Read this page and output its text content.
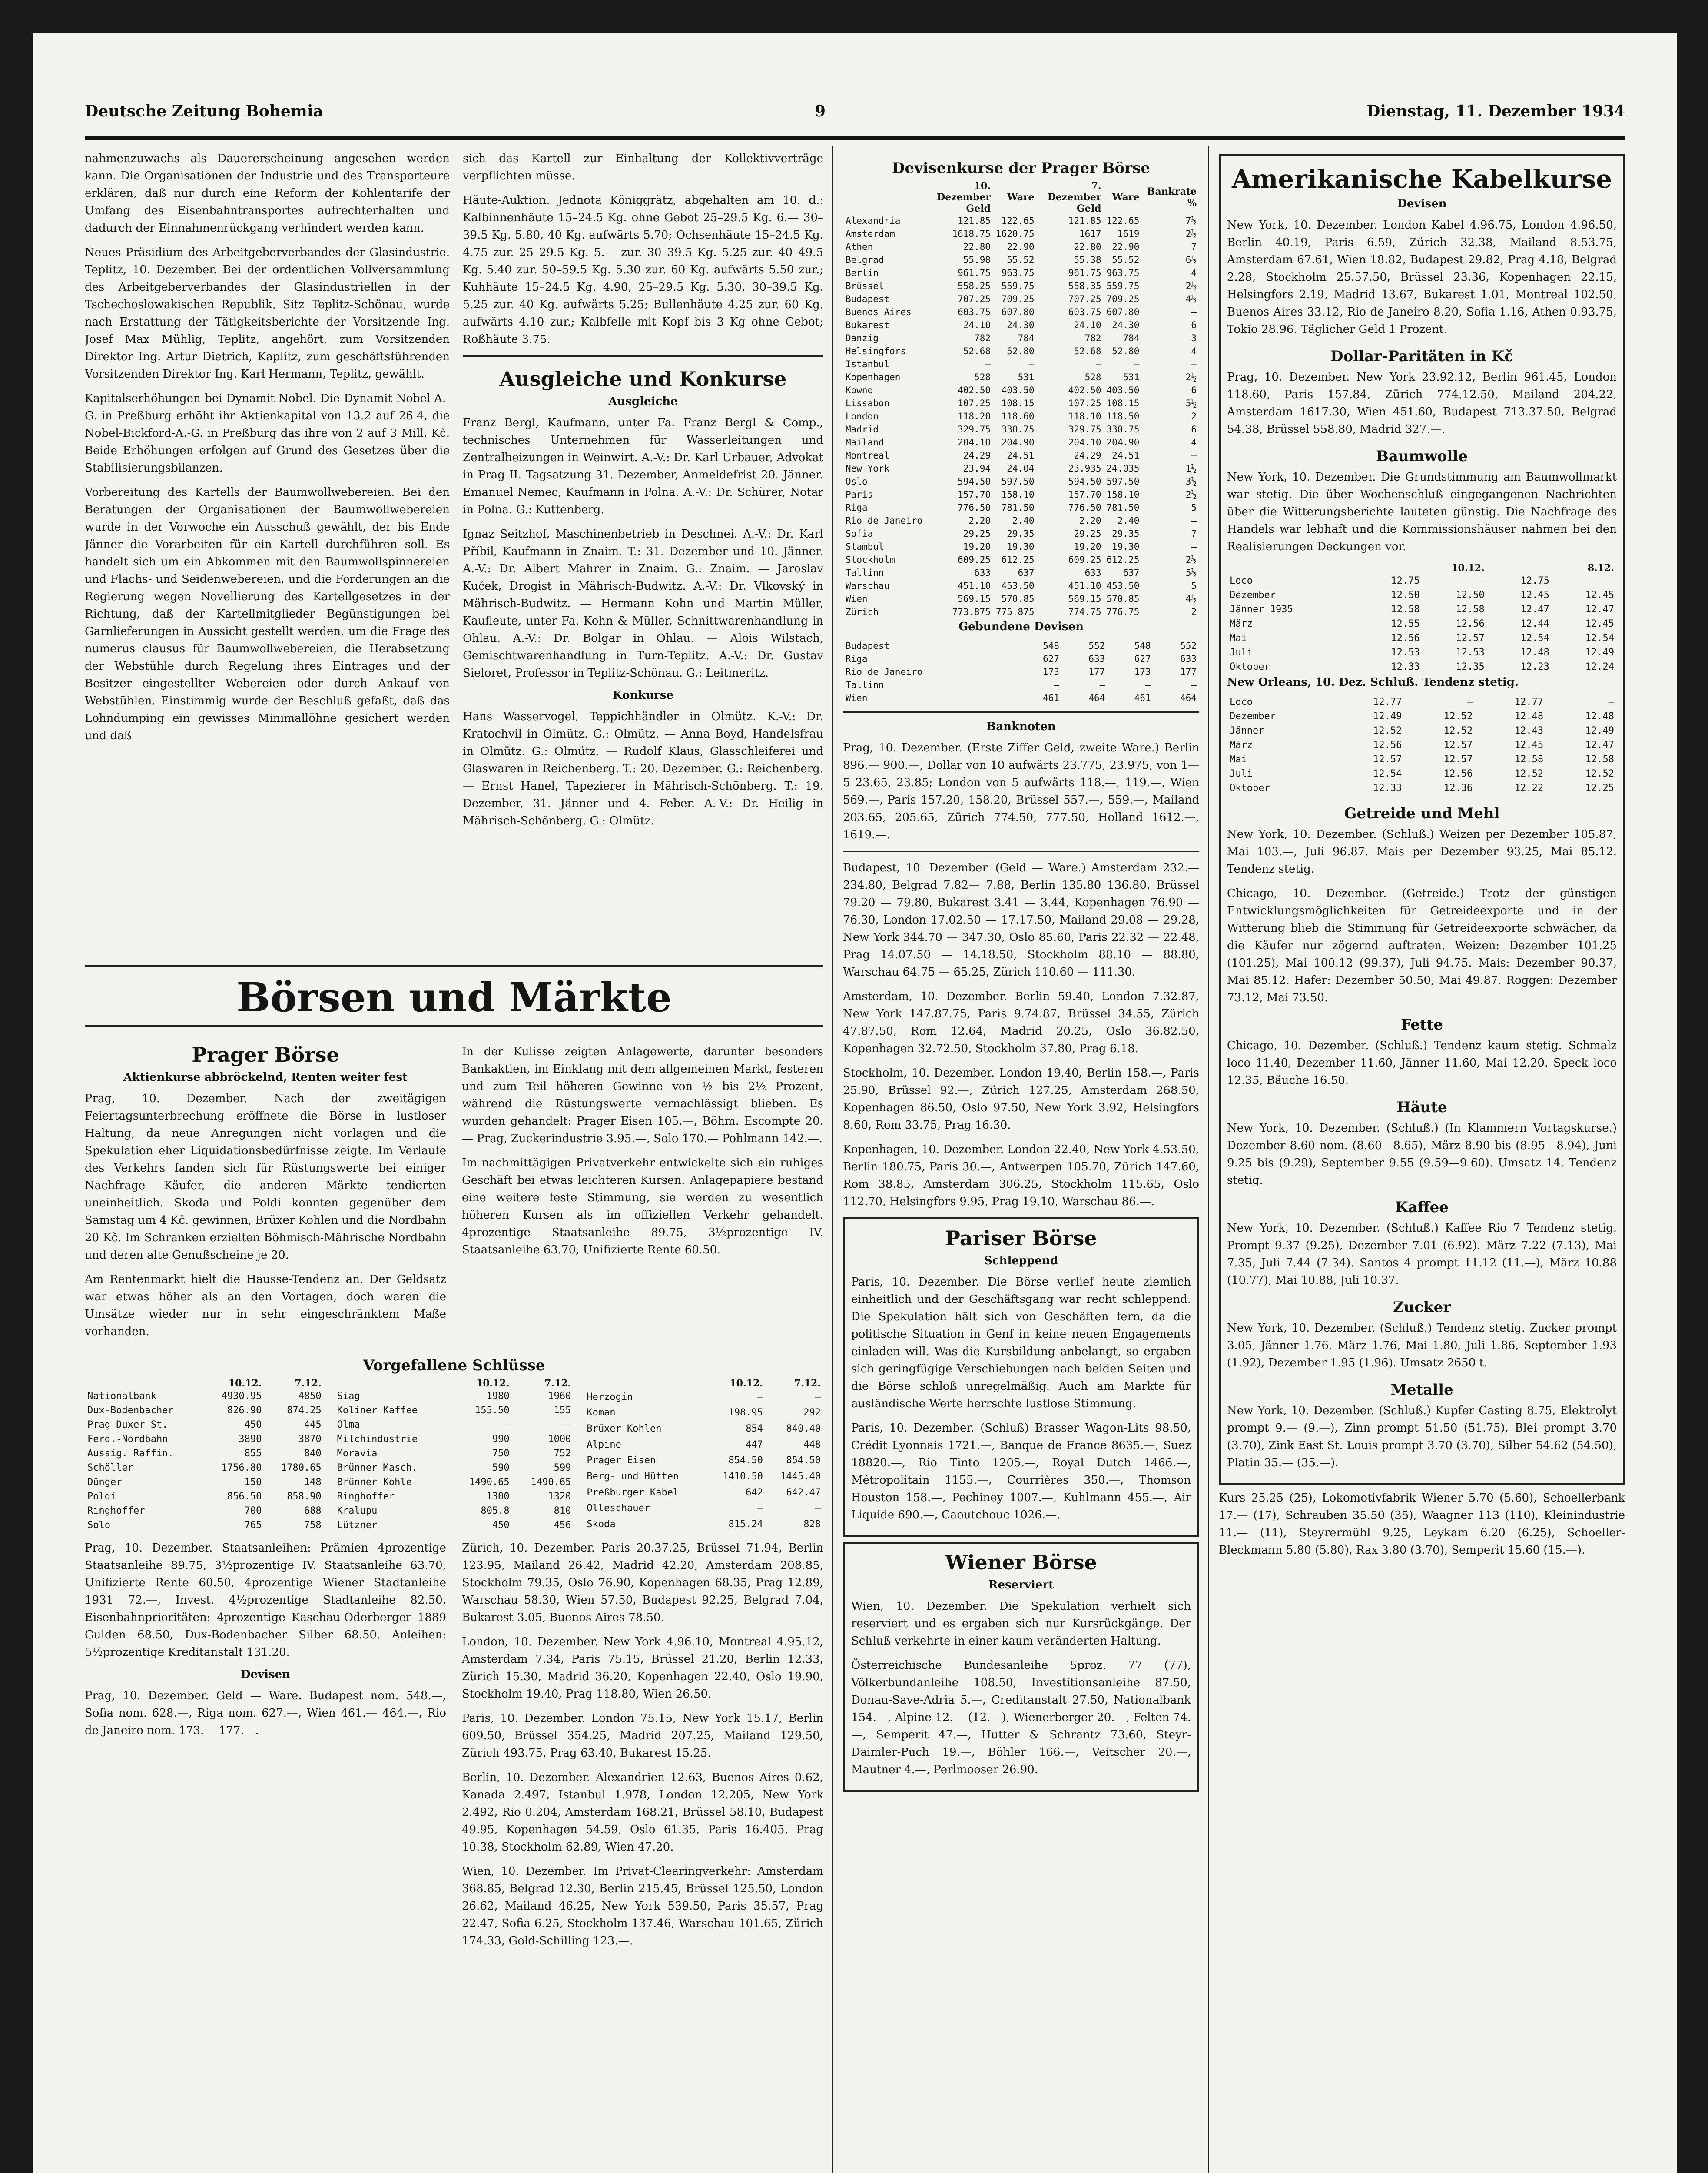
Deutsche Zeitung Bohemia	9	Dienstag, 11. Dezember 1934

nahmenzuwachs als Dauererscheinung angesehen werden kann. Die Organisationen der Industrie und des Transporteure erklären, daß nur durch eine Reform der Kohlentarife der Umfang des Eisenbahntransportes aufrechterhalten und dadurch der Einnahmenrückgang verhindert werden kann.

Neues Präsidium des Arbeitgeberverbandes der Glasindustrie. Teplitz, 10. Dezember. Bei der ordentlichen Vollversammlung des Arbeitgeberverbandes der Glasindustriellen in der Tschechoslowakischen Republik, Sitz Teplitz-Schönau, wurde nach Erstattung der Tätigkeitsberichte der Vorsitzende Ing. Josef Max Mühlig, Teplitz, angehört, zum Vorsitzenden Direktor Ing. Artur Dietrich, Kaplitz, zum geschäftsführenden Vorsitzenden Direktor Ing. Karl Hermann, Teplitz, gewählt.

Kapitalserhöhungen bei Dynamit-Nobel. Die Dynamit-Nobel-A.-G. in Preßburg erhöht ihr Aktienkapital von 13.2 auf 26.4, die Nobel-Bickford-A.-G. in Preßburg das ihre von 2 auf 3 Mill. Kč. Beide Erhöhungen erfolgen auf Grund des Gesetzes über die Stabilisierungsbilanzen.

Vorbereitung des Kartells der Baumwollwebereien. Bei den Beratungen der Organisationen der Baumwollwebereien wurde in der Vorwoche ein Ausschuß gewählt, der bis Ende Jänner die Vorarbeiten für ein Kartell durchführen soll. Es handelt sich um ein Abkommen mit den Baumwollspinnereien und Flachs- und Seidenwebereien, und die Forderungen an die Regierung wegen Novellierung des Kartellgesetzes in der Richtung, daß der Kartellmitglieder Begünstigungen bei Garnlieferungen in Aussicht gestellt werden, um die Frage des numerus clausus für Baumwollwebereien, die Herabsetzung der Webstühle durch Regelung ihres Eintrages und der Besitzer eingestellter Webereien oder durch Ankauf von Webstühlen. Einstimmig wurde der Beschluß gefaßt, daß das Lohndumping ein gewisses Minimallöhne gesichert werden und daß

sich das Kartell zur Einhaltung der Kollektivverträge verpflichten müsse.

Häute-Auktion. Jednota Königgrätz, abgehalten am 10. d.: Kalbinnenhäute 15–24.5 Kg. ohne Gebot 25–29.5 Kg. 6.— 30–39.5 Kg. 5.80, 40 Kg. aufwärts 5.70; Ochsenhäute 15–24.5 Kg. 4.75 zur. 25–29.5 Kg. 5.— zur. 30–39.5 Kg. 5.25 zur. 40–49.5 Kg. 5.40 zur. 50–59.5 Kg. 5.30 zur. 60 Kg. aufwärts 5.50 zur.; Kuhhäute 15–24.5 Kg. 4.90, 25–29.5 Kg. 5.30, 30–39.5 Kg. 5.25 zur. 40 Kg. aufwärts 5.25; Bullenhäute 4.25 zur. 60 Kg. aufwärts 4.10 zur.; Kalbfelle mit Kopf bis 3 Kg ohne Gebot; Roßhäute 3.75.

Ausgleiche und Konkurse
Ausgleiche

Franz Bergl, Kaufmann, unter Fa. Franz Bergl & Comp., technisches Unternehmen für Wasserleitungen und Zentralheizungen in Weinwirt. A.-V.: Dr. Karl Urbauer, Advokat in Prag II. Tagsatzung 31. Dezember, Anmeldefrist 20. Jänner. Emanuel Nemec, Kaufmann in Polna. A.-V.: Dr. Schürer, Notar in Polna. G.: Kuttenberg.

Ignaz Seitzhof, Maschinenbetrieb in Deschnei. A.-V.: Dr. Karl Příbil, Kaufmann in Znaim. T.: 31. Dezember und 10. Jänner. A.-V.: Dr. Albert Mahrer in Znaim. G.: Znaim. — Jaroslav Kuček, Drogist in Mährisch-Budwitz. A.-V.: Dr. Vlkovský in Mährisch-Budwitz. — Hermann Kohn und Martin Müller, Kaufleute, unter Fa. Kohn & Müller, Schnittwarenhandlung in Ohlau. A.-V.: Dr. Bolgar in Ohlau. — Alois Wilstach, Gemischtwarenhandlung in Turn-Teplitz. A.-V.: Dr. Gustav Sieloret, Professor in Teplitz-Schönau. G.: Leitmeritz.

Konkurse

Hans Wasservogel, Teppichhändler in Olmütz. K.-V.: Dr. Kratochvil in Olmütz. G.: Olmütz. — Anna Boyd, Handelsfrau in Olmütz. G.: Olmütz. — Rudolf Klaus, Glasschleiferei und Glaswaren in Reichenberg. T.: 20. Dezember. G.: Reichenberg. — Ernst Hanel, Tapezierer in Mährisch-Schönberg. T.: 19. Dezember, 31. Jänner und 4. Feber. A.-V.: Dr. Heilig in Mährisch-Schönberg. G.: Olmütz.

Börsen und Märkte
Prager Börse
Aktienkurse abbröckelnd, Renten weiter fest

Prag, 10. Dezember. Nach der zweitägigen Feiertagsunterbrechung eröffnete die Börse in lustloser Haltung, da neue Anregungen nicht vorlagen und die Spekulation eher Liquidationsbedürfnisse zeigte. Im Verlaufe des Verkehrs fanden sich für Rüstungswerte bei einiger Nachfrage Käufer, die anderen Märkte tendierten uneinheitlich. Skoda und Poldi konnten gegenüber dem Samstag um 4 Kč. gewinnen, Brüxer Kohlen und die Nordbahn 20 Kč. Im Schranken erzielten Böhmisch-Mährische Nordbahn und deren alte Genußscheine je 20.

Am Rentenmarkt hielt die Hausse-Tendenz an. Der Geldsatz war etwas höher als an den Vortagen, doch waren die Umsätze wieder nur in sehr eingeschränktem Maße vorhanden.

In der Kulisse zeigten Anlagewerte, darunter besonders Bankaktien, im Einklang mit dem allgemeinen Markt, festeren und zum Teil höheren Gewinne von ½ bis 2½ Prozent, während die Rüstungswerte vernachlässigt blieben. Es wurden gehandelt: Prager Eisen 105.—, Böhm. Escompte 20.— Prag, Zuckerindustrie 3.95.—, Solo 170.— Pohlmann 142.—.

Im nachmittägigen Privatverkehr entwickelte sich ein ruhiges Geschäft bei etwas leichteren Kursen. Anlagepapiere bestand eine weitere feste Stimmung, sie werden zu wesentlich höheren Kursen als im offiziellen Verkehr gehandelt. 4prozentige Staatsanleihe 89.75, 3½prozentige IV. Staatsanleihe 63.70, Unifizierte Rente 60.50.

Vorgefallene Schlüsse
	10.12.	7.12.
Nationalbank	4930.95	4850
Dux-Bodenbacher	826.90	874.25
Prag-Duxer St.	450	445
Ferd.-Nordbahn	3890	3870
Aussig. Raffin.	855	840
Schöller	1756.80	1780.65
Dünger	150	148
Poldi	856.50	858.90
Ringhoffer	700	688
Solo	765	758
	10.12.	7.12.
Siag	1980	1960
Koliner Kaffee	155.50	155
Olma	—	—
Milchindustrie	990	1000
Moravia	750	752
Brünner Masch.	590	599
Brünner Kohle	1490.65	1490.65
Ringhoffer	1300	1320
Kralupu	805.8	810
Lützner	450	456
	10.12.	7.12.
Herzogin	—	—
Koman	198.95	292
Brüxer Kohlen	854	840.40
Alpine	447	448
Prager Eisen	854.50	854.50
Berg- und Hütten	1410.50	1445.40
Preßburger Kabel	642	642.47
Olleschauer	—	—
Skoda	815.24	828

Prag, 10. Dezember. Staatsanleihen: Prämien 4prozentige Staatsanleihe 89.75, 3½prozentige IV. Staatsanleihe 63.70, Unifizierte Rente 60.50, 4prozentige Wiener Stadtanleihe 1931 72.—, Invest. 4½prozentige Stadtanleihe 82.50, Eisenbahnprioritäten: 4prozentige Kaschau-Oderberger 1889 Gulden 68.50, Dux-Bodenbacher Silber 68.50. Anleihen: 5½prozentige Kreditanstalt 131.20.

Devisen

Prag, 10. Dezember. Geld — Ware. Budapest nom. 548.—, Sofia nom. 628.—, Riga nom. 627.—, Wien 461.— 464.—, Rio de Janeiro nom. 173.— 177.—.

Zürich, 10. Dezember. Paris 20.37.25, Brüssel 71.94, Berlin 123.95, Mailand 26.42, Madrid 42.20, Amsterdam 208.85, Stockholm 79.35, Oslo 76.90, Kopenhagen 68.35, Prag 12.89, Warschau 58.30, Wien 57.50, Budapest 92.25, Belgrad 7.04, Bukarest 3.05, Buenos Aires 78.50.

London, 10. Dezember. New York 4.96.10, Montreal 4.95.12, Amsterdam 7.34, Paris 75.15, Brüssel 21.20, Berlin 12.33, Zürich 15.30, Madrid 36.20, Kopenhagen 22.40, Oslo 19.90, Stockholm 19.40, Prag 118.80, Wien 26.50.

Paris, 10. Dezember. London 75.15, New York 15.17, Berlin 609.50, Brüssel 354.25, Madrid 207.25, Mailand 129.50, Zürich 493.75, Prag 63.40, Bukarest 15.25.

Berlin, 10. Dezember. Alexandrien 12.63, Buenos Aires 0.62, Kanada 2.497, Istanbul 1.978, London 12.205, New York 2.492, Rio 0.204, Amsterdam 168.21, Brüssel 58.10, Budapest 49.95, Kopenhagen 54.59, Oslo 61.35, Paris 16.405, Prag 10.38, Stockholm 62.89, Wien 47.20.

Wien, 10. Dezember. Im Privat-Clearingverkehr: Amsterdam 368.85, Belgrad 12.30, Berlin 215.45, Brüssel 125.50, London 26.62, Mailand 46.25, New York 539.50, Paris 35.57, Prag 22.47, Sofia 6.25, Stockholm 137.46, Warschau 101.65, Zürich 174.33, Gold-Schilling 123.—.

Devisenkurse der Prager Börse
	10. Dezember Geld	Ware	7. Dezember Geld	Ware	Bankrate %
Alexandria	121.85	122.65	121.85	122.65	7½
Amsterdam	1618.75	1620.75	1617	1619	2½
Athen	22.80	22.90	22.80	22.90	7
Belgrad	55.98	55.52	55.38	55.52	6½
Berlin	961.75	963.75	961.75	963.75	4
Brüssel	558.25	559.75	558.35	559.75	2½
Budapest	707.25	709.25	707.25	709.25	4½
Buenos Aires	603.75	607.80	603.75	607.80	—
Bukarest	24.10	24.30	24.10	24.30	6
Danzig	782	784	782	784	3
Helsingfors	52.68	52.80	52.68	52.80	4
Istanbul	—	—	—	—	—
Kopenhagen	528	531	528	531	2½
Kowno	402.50	403.50	402.50	403.50	6
Lissabon	107.25	108.15	107.25	108.15	5½
London	118.20	118.60	118.10	118.50	2
Madrid	329.75	330.75	329.75	330.75	6
Mailand	204.10	204.90	204.10	204.90	4
Montreal	24.29	24.51	24.29	24.51	—
New York	23.94	24.04	23.935	24.035	1½
Oslo	594.50	597.50	594.50	597.50	3½
Paris	157.70	158.10	157.70	158.10	2½
Riga	776.50	781.50	776.50	781.50	5
Rio de Janeiro	2.20	2.40	2.20	2.40	—
Sofia	29.25	29.35	29.25	29.35	7
Stambul	19.20	19.30	19.20	19.30	—
Stockholm	609.25	612.25	609.25	612.25	2½
Tallinn	633	637	633	637	5½
Warschau	451.10	453.50	451.10	453.50	5
Wien	569.15	570.85	569.15	570.85	4½
Zürich	773.875	775.875	774.75	776.75	2
Gebundene Devisen
Budapest	548	552	548	552
Riga	627	633	627	633
Rio de Janeiro	173	177	173	177
Tallinn	—	—	—	—
Wien	461	464	461	464
Banknoten

Prag, 10. Dezember. (Erste Ziffer Geld, zweite Ware.) Berlin 896.— 900.—, Dollar von 10 aufwärts 23.775, 23.975, von 1—5 23.65, 23.85; London von 5 aufwärts 118.—, 119.—, Wien 569.—, Paris 157.20, 158.20, Brüssel 557.—, 559.—, Mailand 203.65, 205.65, Zürich 774.50, 777.50, Holland 1612.—, 1619.—.

Budapest, 10. Dezember. (Geld — Ware.) Amsterdam 232.— 234.80, Belgrad 7.82— 7.88, Berlin 135.80 136.80, Brüssel 79.20 — 79.80, Bukarest 3.41 — 3.44, Kopenhagen 76.90 — 76.30, London 17.02.50 — 17.17.50, Mailand 29.08 — 29.28, New York 344.70 — 347.30, Oslo 85.60, Paris 22.32 — 22.48, Prag 14.07.50 — 14.18.50, Stockholm 88.10 — 88.80, Warschau 64.75 — 65.25, Zürich 110.60 — 111.30.

Amsterdam, 10. Dezember. Berlin 59.40, London 7.32.87, New York 147.87.75, Paris 9.74.87, Brüssel 34.55, Zürich 47.87.50, Rom 12.64, Madrid 20.25, Oslo 36.82.50, Kopenhagen 32.72.50, Stockholm 37.80, Prag 6.18.

Stockholm, 10. Dezember. London 19.40, Berlin 158.—, Paris 25.90, Brüssel 92.—, Zürich 127.25, Amsterdam 268.50, Kopenhagen 86.50, Oslo 97.50, New York 3.92, Helsingfors 8.60, Rom 33.75, Prag 16.30.

Kopenhagen, 10. Dezember. London 22.40, New York 4.53.50, Berlin 180.75, Paris 30.—, Antwerpen 105.70, Zürich 147.60, Rom 38.85, Amsterdam 306.25, Stockholm 115.65, Oslo 112.70, Helsingfors 9.95, Prag 19.10, Warschau 86.—.

Pariser Börse
Schleppend

Paris, 10. Dezember. Die Börse verlief heute ziemlich einheitlich und der Geschäftsgang war recht schleppend. Die Spekulation hält sich von Geschäften fern, da die politische Situation in Genf in keine neuen Engagements einladen will. Was die Kursbildung anbelangt, so ergaben sich geringfügige Verschiebungen nach beiden Seiten und die Börse schloß unregelmäßig. Auch am Markte für ausländische Werte herrschte lustlose Stimmung.

Paris, 10. Dezember. (Schluß) Brasser Wagon-Lits 98.50, Crédit Lyonnais 1721.—, Banque de France 8635.—, Suez 18820.—, Rio Tinto 1205.—, Royal Dutch 1466.—, Métropolitain 1155.—, Courrières 350.—, Thomson Houston 158.—, Pechiney 1007.—, Kuhlmann 455.—, Air Liquide 690.—, Caoutchouc 1026.—.

Wiener Börse
Reserviert

Wien, 10. Dezember. Die Spekulation verhielt sich reserviert und es ergaben sich nur Kursrückgänge. Der Schluß verkehrte in einer kaum veränderten Haltung.

Österreichische Bundesanleihe 5proz. 77 (77), Völkerbundanleihe 108.50, Investitionsanleihe 87.50, Donau-Save-Adria 5.—, Creditanstalt 27.50, Nationalbank 154.—, Alpine 12.— (12.—), Wienerberger 20.—, Felten 74.—, Semperit 47.—, Hutter & Schrantz 73.60, Steyr-Daimler-Puch 19.—, Böhler 166.—, Veitscher 20.—, Mautner 4.—, Perlmooser 26.90.

Amerikanische Kabelkurse
Devisen

New York, 10. Dezember. London Kabel 4.96.75, London 4.96.50, Berlin 40.19, Paris 6.59, Zürich 32.38, Mailand 8.53.75, Amsterdam 67.61, Wien 18.82, Budapest 29.82, Prag 4.18, Belgrad 2.28, Stockholm 25.57.50, Brüssel 23.36, Kopenhagen 22.15, Helsingfors 2.19, Madrid 13.67, Bukarest 1.01, Montreal 102.50, Buenos Aires 33.12, Rio de Janeiro 8.20, Sofia 1.16, Athen 0.93.75, Tokio 28.96. Täglicher Geld 1 Prozent.

Dollar-Paritäten in Kč

Prag, 10. Dezember. New York 23.92.12, Berlin 961.45, London 118.60, Paris 157.84, Zürich 774.12.50, Mailand 204.22, Amsterdam 1617.30, Wien 451.60, Budapest 713.37.50, Belgrad 54.38, Brüssel 558.80, Madrid 327.—.

Baumwolle

New York, 10. Dezember. Die Grundstimmung am Baumwollmarkt war stetig. Die über Wochenschluß eingegangenen Nachrichten über die Witterungsberichte lauteten günstig. Die Nachfrage des Handels war lebhaft und die Kommissionshäuser nahmen bei den Realisierungen Deckungen vor.

	10.12.		8.12.	
Loco	12.75	—	12.75	—
Dezember	12.50	12.50	12.45	12.45
Jänner 1935	12.58	12.58	12.47	12.47
März	12.55	12.56	12.44	12.45
Mai	12.56	12.57	12.54	12.54
Juli	12.53	12.53	12.48	12.49
Oktober	12.33	12.35	12.23	12.24
New Orleans, 10. Dez. Schluß. Tendenz stetig.
Loco	12.77	—	12.77	—
Dezember	12.49	12.52	12.48	12.48
Jänner	12.52	12.52	12.43	12.49
März	12.56	12.57	12.45	12.47
Mai	12.57	12.57	12.58	12.58
Juli	12.54	12.56	12.52	12.52
Oktober	12.33	12.36	12.22	12.25
Getreide und Mehl

New York, 10. Dezember. (Schluß.) Weizen per Dezember 105.87, Mai 103.—, Juli 96.87. Mais per Dezember 93.25, Mai 85.12. Tendenz stetig.

Chicago, 10. Dezember. (Getreide.) Trotz der günstigen Entwicklungsmöglichkeiten für Getreideexporte und in der Witterung blieb die Stimmung für Getreideexporte schwächer, da die Käufer nur zögernd auftraten. Weizen: Dezember 101.25 (101.25), Mai 100.12 (99.37), Juli 94.75. Mais: Dezember 90.37, Mai 85.12. Hafer: Dezember 50.50, Mai 49.87. Roggen: Dezember 73.12, Mai 73.50.

Fette

Chicago, 10. Dezember. (Schluß.) Tendenz kaum stetig. Schmalz loco 11.40, Dezember 11.60, Jänner 11.60, Mai 12.20. Speck loco 12.35, Bäuche 16.50.

Häute

New York, 10. Dezember. (Schluß.) (In Klammern Vortagskurse.) Dezember 8.60 nom. (8.60—8.65), März 8.90 bis (8.95—8.94), Juni 9.25 bis (9.29), September 9.55 (9.59—9.60). Umsatz 14. Tendenz stetig.

Kaffee

New York, 10. Dezember. (Schluß.) Kaffee Rio 7 Tendenz stetig. Prompt 9.37 (9.25), Dezember 7.01 (6.92). März 7.22 (7.13), Mai 7.35, Juli 7.44 (7.34). Santos 4 prompt 11.12 (11.—), März 10.88 (10.77), Mai 10.88, Juli 10.37.

Zucker

New York, 10. Dezember. (Schluß.) Tendenz stetig. Zucker prompt 3.05, Jänner 1.76, März 1.76, Mai 1.80, Juli 1.86, September 1.93 (1.92), Dezember 1.95 (1.96). Umsatz 2650 t.

Metalle

New York, 10. Dezember. (Schluß.) Kupfer Casting 8.75, Elektrolyt prompt 9.— (9.—), Zinn prompt 51.50 (51.75), Blei prompt 3.70 (3.70), Zink East St. Louis prompt 3.70 (3.70), Silber 54.62 (54.50), Platin 35.— (35.—).

Kurs 25.25 (25), Lokomotivfabrik Wiener 5.70 (5.60), Schoellerbank 17.— (17), Schrauben 35.50 (35), Waagner 113 (110), Kleinindustrie 11.— (11), Steyrermühl 9.25, Leykam 6.20 (6.25), Schoeller-Bleckmann 5.80 (5.80), Rax 3.80 (3.70), Semperit 15.60 (15.—).
